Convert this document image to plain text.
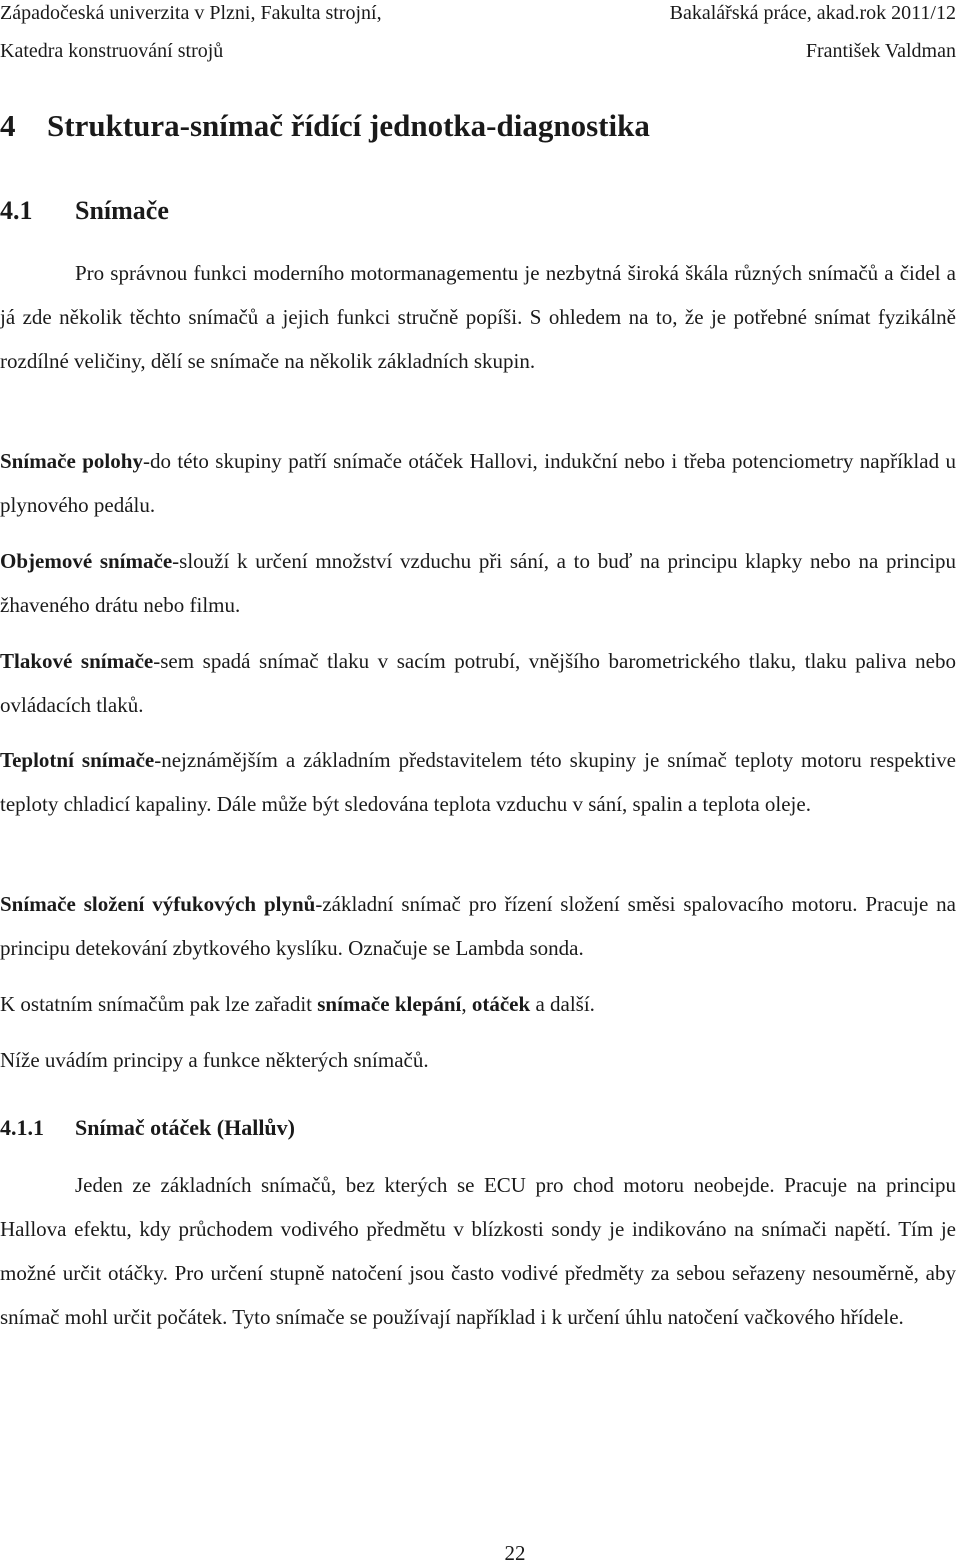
Západočeská univerzita v Plzni, Fakulta strojní,	Bakalářská práce, akad.rok 2011/12
Katedra konstruování strojů	František Valdman
4 Struktura-snímač řídící jednotka-diagnostika
4.1 Snímače

Pro správnou funkci moderního motormanagementu je nezbytná široká škála různých snímačů a čidel a já zde několik těchto snímačů a jejich funkci stručně popíši. S ohledem na to, že je potřebné snímat fyzikálně rozdílné veličiny, dělí se snímače na několik základních skupin.

Snímače polohy-do této skupiny patří snímače otáček Hallovi, indukční nebo i třeba potenciometry například u plynového pedálu.

Objemové snímače-slouží k určení množství vzduchu při sání, a to buď na principu klapky nebo na principu žhaveného drátu nebo filmu.

Tlakové snímače-sem spadá snímač tlaku v sacím potrubí, vnějšího barometrického tlaku, tlaku paliva nebo ovládacích tlaků.

Teplotní snímače-nejznámějším a základním představitelem této skupiny je snímač teploty motoru respektive teploty chladicí kapaliny. Dále může být sledována teplota vzduchu v sání, spalin a teplota oleje.

Snímače složení výfukových plynů-základní snímač pro řízení složení směsi spalovacího motoru. Pracuje na principu detekování zbytkového kyslíku. Označuje se Lambda sonda.

K ostatním snímačům pak lze zařadit snímače klepání, otáček a další.

Níže uvádím principy a funkce některých snímačů.

4.1.1 Snímač otáček (Hallův)

Jeden ze základních snímačů, bez kterých se ECU pro chod motoru neobejde. Pracuje na principu Hallova efektu, kdy průchodem vodivého předmětu v blízkosti sondy je indikováno na snímači napětí. Tím je možné určit otáčky. Pro určení stupně natočení jsou často vodivé předměty za sebou seřazeny nesouměrně, aby snímač mohl určit počátek. Tyto snímače se používají například i k určení úhlu natočení vačkového hřídele.

22
